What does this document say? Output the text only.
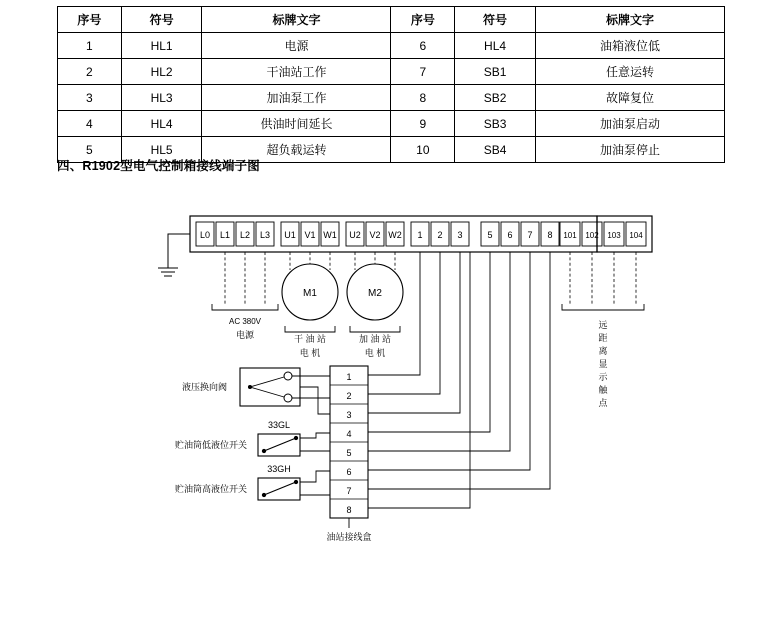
序号	符号	标牌文字	序号	符号	标牌文字
1	HL1	电源	6	HL4	油箱液位低
2	HL2	干油站工作	7	SB1	任意运转
3	HL3	加油泵工作	8	SB2	故障复位
4	HL4	供油时间延长	9	SB3	加油泵启动
5	HL5	超负载运转	10	SB4	加油泵停止
四、R1902型电气控制箱接线端子图
L0 L1 L2 L3 U1 V1 W1 U2 V2 W2 1 2 3	5 6 7 8 101 102 103 104
AC 380V
电源
M1
干 油 站
电 机
M2
加 油 站
电 机
远
距
离
显
示
触
点
1
2
3
4
5
6
7
8
油站接线盒
液压换向阀
33GL
贮油筒低液位开关
33GH
贮油筒高液位开关
